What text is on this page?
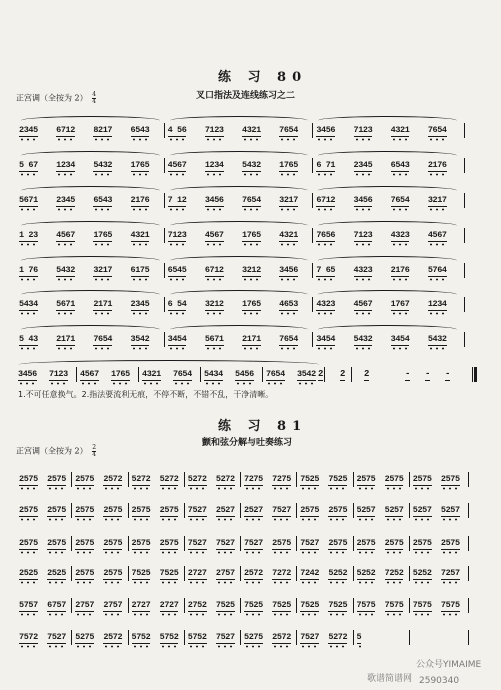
练 习 80
叉口指法及连线练习之二
正宫调（全按为 $2) \frac{4}{4}$
2345 6712 8217 6543 4 56 7123 4321 7654 3456 7123 4321 7654
5 67 1234 5432 1765 4567 1234 5432 1765 6 71 2345 6543 2176
5671 2345 6543 2176 7 12 3456 7654 3217 6712 3456 7654 3217
1 23 4567 1765 4321 7123 4567 1765 4321 7656 7123 4323 4567
1 76 5432 3217 6175 6545 6712 3212 3456 7 65 4323 2176 5764
5434 5671 2171 2345 6 54 3212 1765 4653 4323 4567 1767 1234
5 43 2171 7654 3542 3454 5671 2171 7654 3454 5432 3454 5432
3456 7123 4567 1765 4321 7654 5434 5456 7654 3542 2 2 2	- - -
1.不可任意换气。2.指法要流利无痕，不停不断，不错不乱，干净清晰。
练 习 81
颤和弦分解与吐奏练习
正宫调（全按为 $2) \frac{2}{4}$
2575 2575 2575 2572 5272 5272 5272 5272 7275 7275 7525 7525 2575 2575 2575 2575
2575 2575 2575 2575 2575 2575 7527 2527 2527 7527 2575 2575 5257 5257 5257 5257
2575 2575 2575 2575 2575 2575 7527 7527 7527 2575 7527 2575 2575 2575 2575 2575
2525 2525 2575 2575 7525 7525 2727 2757 2572 7272 7242 5252 5252 7252 5252 7257
5757 6757 2757 2757 2727 2727 2752 7525 7525 7525 7525 7525 7575 7575 7575 7575
7572 7527 5275 2572 5752 5752 5752 7527 5275 2572 7527 5272 5
歌谱简谱网
公众号YIMAIME
2590340
